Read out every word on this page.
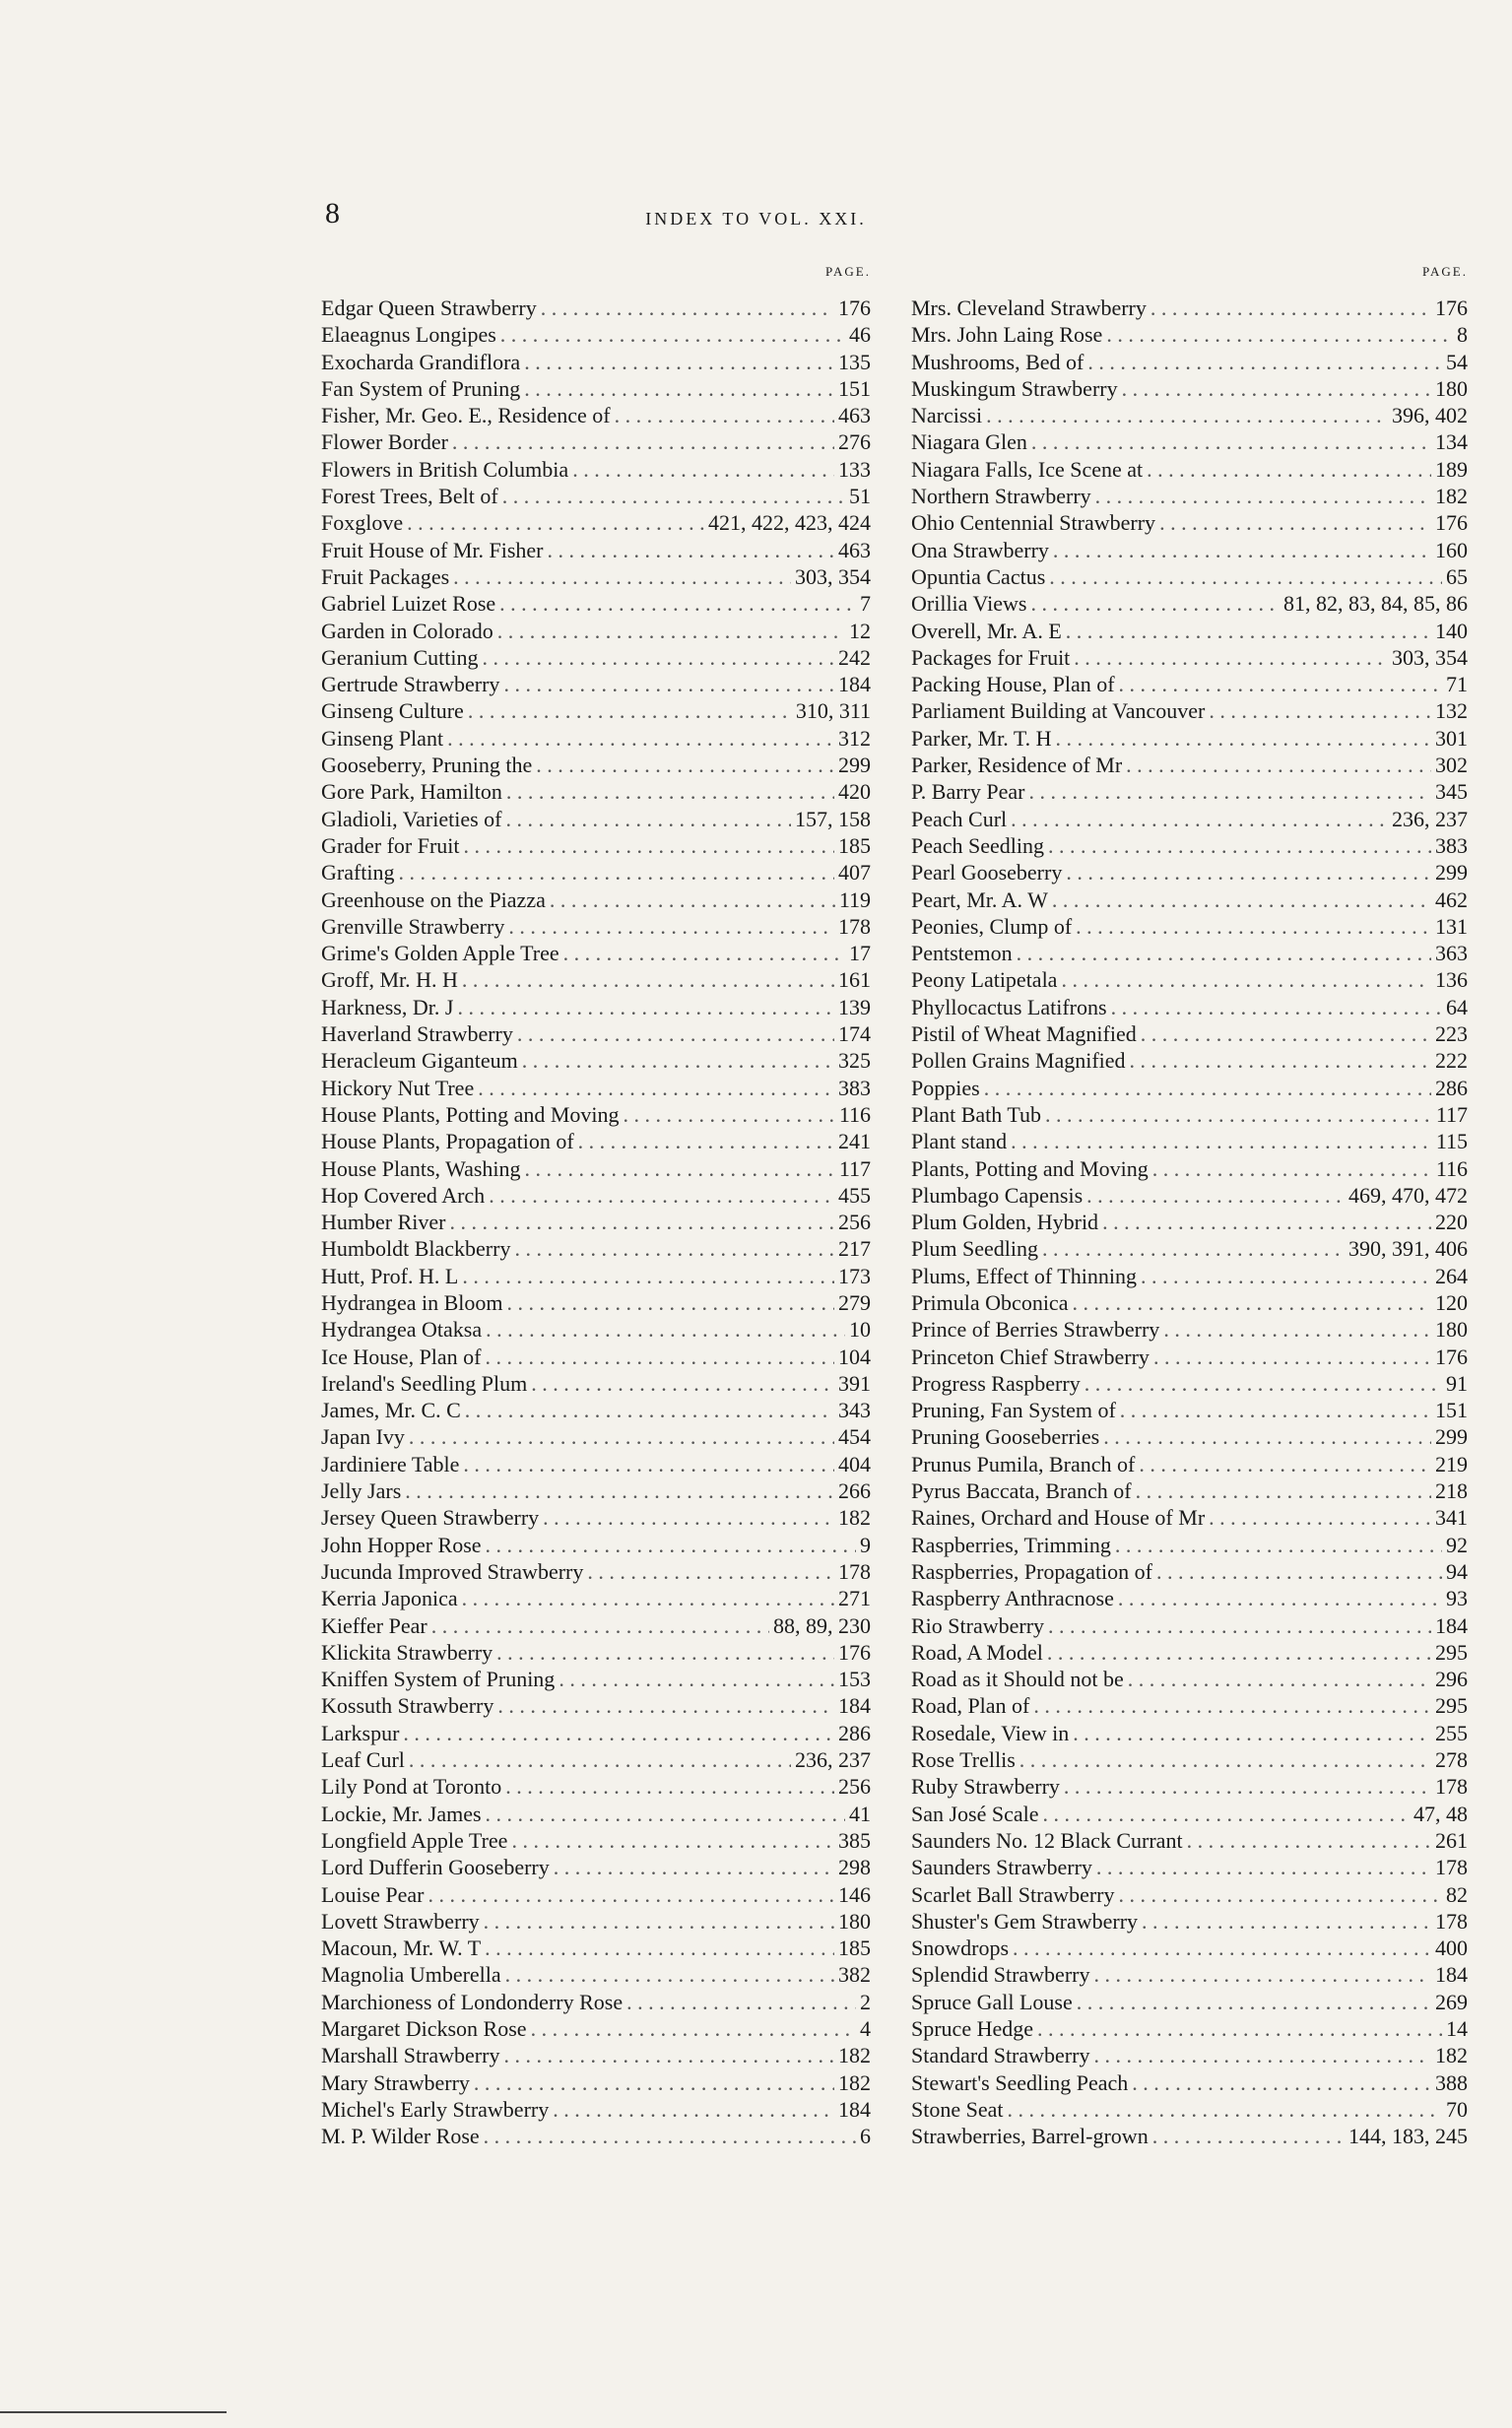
8	INDEX TO VOL. XXI.
PAGE.
Edgar Queen Strawberry . . .	176
Elaeagnus Longipes . . .	46
Exocharda Grandiflora . . .	135
Fan System of Pruning . . .	151
Fisher, Mr. Geo. E., Residence of . . .	463
Flower Border . . .	276
Flowers in British Columbia . . .	133
Forest Trees, Belt of . . .	51
Foxglove . . .	421, 422, 423, 424
Fruit House of Mr. Fisher . . .	463
Fruit Packages . . .	303, 354
Gabriel Luizet Rose . . .	7
Garden in Colorado . . .	12
Geranium Cutting . . .	242
Gertrude Strawberry . . .	184
Ginseng Culture . . .	310, 311
Ginseng Plant . . .	312
Gooseberry, Pruning the . . .	299
Gore Park, Hamilton . . .	420
Gladioli, Varieties of . . .	157, 158
Grader for Fruit . . .	185
Grafting . . .	407
Greenhouse on the Piazza . . .	119
Grenville Strawberry . . .	178
Grime's Golden Apple Tree . . .	17
Groff, Mr. H. H . . .	161
Harkness, Dr. J . . .	139
Haverland Strawberry . . .	174
Heracleum Giganteum . . .	325
Hickory Nut Tree . . .	383
House Plants, Potting and Moving . . .	116
House Plants, Propagation of . . .	241
House Plants, Washing . . .	117
Hop Covered Arch . . .	455
Humber River . . .	256
Humboldt Blackberry . . .	217
Hutt, Prof. H. L . . .	173
Hydrangea in Bloom . . .	279
Hydrangea Otaksa . . .	10
Ice House, Plan of . . .	104
Ireland's Seedling Plum . . .	391
James, Mr. C. C . . .	343
Japan Ivy . . .	454
Jardiniere Table . . .	404
Jelly Jars . . .	266
Jersey Queen Strawberry . . .	182
John Hopper Rose . . .	9
Jucunda Improved Strawberry . . .	178
Kerria Japonica . . .	271
Kieffer Pear . . .	88, 89, 230
Klickita Strawberry . . .	176
Kniffen System of Pruning . . .	153
Kossuth Strawberry . . .	184
Larkspur . . .	286
Leaf Curl . . .	236, 237
Lily Pond at Toronto . . .	256
Lockie, Mr. James . . .	41
Longfield Apple Tree . . .	385
Lord Dufferin Gooseberry . . .	298
Louise Pear . . .	146
Lovett Strawberry . . .	180
Macoun, Mr. W. T . . .	185
Magnolia Umberella . . .	382
Marchioness of Londonderry Rose . . .	2
Margaret Dickson Rose . . .	4
Marshall Strawberry . . .	182
Mary Strawberry . . .	182
Michel's Early Strawberry . . .	184
M. P. Wilder Rose . . .	6
PAGE.
Mrs. Cleveland Strawberry . . .	176
Mrs. John Laing Rose . . .	8
Mushrooms, Bed of . . .	54
Muskingum Strawberry . . .	180
Narcissi . . .	396, 402
Niagara Glen . . .	134
Niagara Falls, Ice Scene at . . .	189
Northern Strawberry . . .	182
Ohio Centennial Strawberry . . .	176
Ona Strawberry . . .	160
Opuntia Cactus . . .	65
Orillia Views . . .	81, 82, 83, 84, 85, 86
Overell, Mr. A. E . . .	140
Packages for Fruit . . .	303, 354
Packing House, Plan of . . .	71
Parliament Building at Vancouver . . .	132
Parker, Mr. T. H . . .	301
Parker, Residence of Mr . . .	302
P. Barry Pear . . .	345
Peach Curl . . .	236, 237
Peach Seedling . . .	383
Pearl Gooseberry . . .	299
Peart, Mr. A. W . . .	462
Peonies, Clump of . . .	131
Pentstemon . . .	363
Peony Latipetala . . .	136
Phyllocactus Latifrons . . .	64
Pistil of Wheat Magnified . . .	223
Pollen Grains Magnified . . .	222
Poppies . . .	286
Plant Bath Tub . . .	117
Plant stand . . .	115
Plants, Potting and Moving . . .	116
Plumbago Capensis . . .	469, 470, 472
Plum Golden, Hybrid . . .	220
Plum Seedling . . .	390, 391, 406
Plums, Effect of Thinning . . .	264
Primula Obconica . . .	120
Prince of Berries Strawberry . . .	180
Princeton Chief Strawberry . . .	176
Progress Raspberry . . .	91
Pruning, Fan System of . . .	151
Pruning Gooseberries . . .	299
Prunus Pumila, Branch of . . .	219
Pyrus Baccata, Branch of . . .	218
Raines, Orchard and House of Mr . . .	341
Raspberries, Trimming . . .	92
Raspberries, Propagation of . . .	94
Raspberry Anthracnose . . .	93
Rio Strawberry . . .	184
Road, A Model . . .	295
Road as it Should not be . . .	296
Road, Plan of . . .	295
Rosedale, View in . . .	255
Rose Trellis . . .	278
Ruby Strawberry . . .	178
San José Scale . . .	47, 48
Saunders No. 12 Black Currant . . .	261
Saunders Strawberry . . .	178
Scarlet Ball Strawberry . . .	82
Shuster's Gem Strawberry . . .	178
Snowdrops . . .	400
Splendid Strawberry . . .	184
Spruce Gall Louse . . .	269
Spruce Hedge . . .	14
Standard Strawberry . . .	182
Stewart's Seedling Peach . . .	388
Stone Seat . . .	70
Strawberries, Barrel-grown . . .	144, 183, 245
